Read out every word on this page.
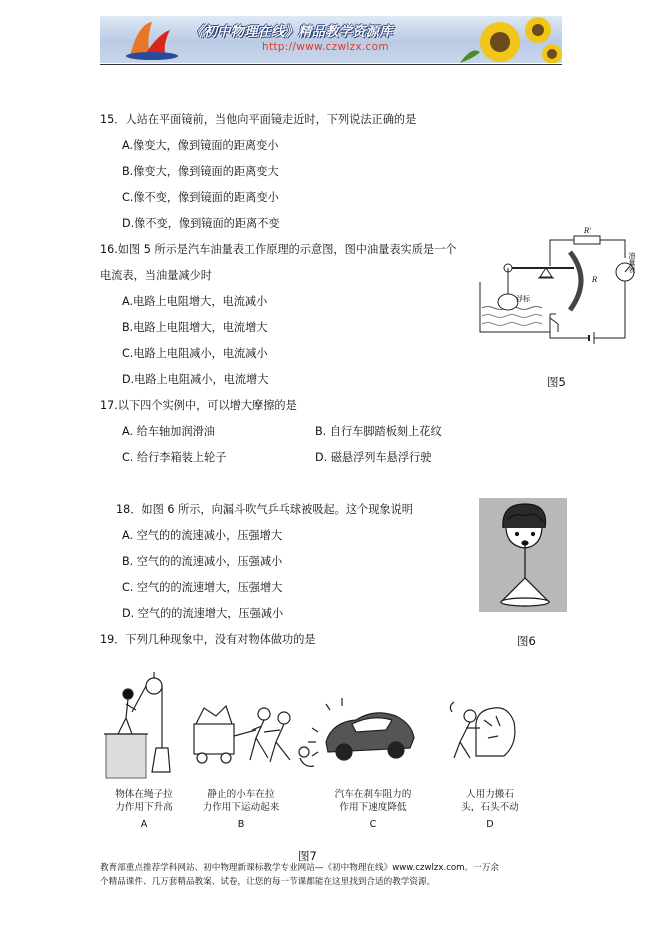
《初中物理在线》精品教学资源库
http://www.czwlzx.com
15．人站在平面镜前，当他向平面镜走近时，下列说法正确的是
A.像变大，像到镜面的距离变小
B.像变大，像到镜面的距离变大
C.像不变，像到镜面的距离变小
D.像不变，像到镜面的距离不变
16.如图 5 所示是汽车油量表工作原理的示意图，图中油量表实质是一个
电流表，当油量减少时
A.电路上电阻增大，电流减小
B.电路上电阻增大，电流增大
C.电路上电阻减小，电流减小
D.电路上电阻减小，电流增大
R'
R
浮标
油量表
图5
17.以下四个实例中，可以增大摩擦的是
A. 给车轴加润滑油	B. 自行车脚踏板刻上花纹
C. 给行李箱装上轮子	D. 磁悬浮列车悬浮行驶
18．如图 6 所示，向漏斗吹气乒乓球被吸起。这个现象说明
A. 空气的的流速减小，压强增大
B. 空气的的流速减小，压强减小
C. 空气的的流速增大，压强增大
D. 空气的的流速增大，压强减小
19．下列几种现象中，没有对物体做功的是	图6
物体在绳子拉
力作用下升高
A
静止的小车在拉
力作用下运动起来
B
汽车在刹车阻力的
作用下速度降低
C
人用力搬石
头，石头不动
D
图7
教育部重点推荐学科网站、初中物理新课标教学专业网站—《初中物理在线》www.czwlzx.com。一万余
个精品课件、几万套精品教案、试卷，让您的每一节课都能在这里找到合适的教学资源。
